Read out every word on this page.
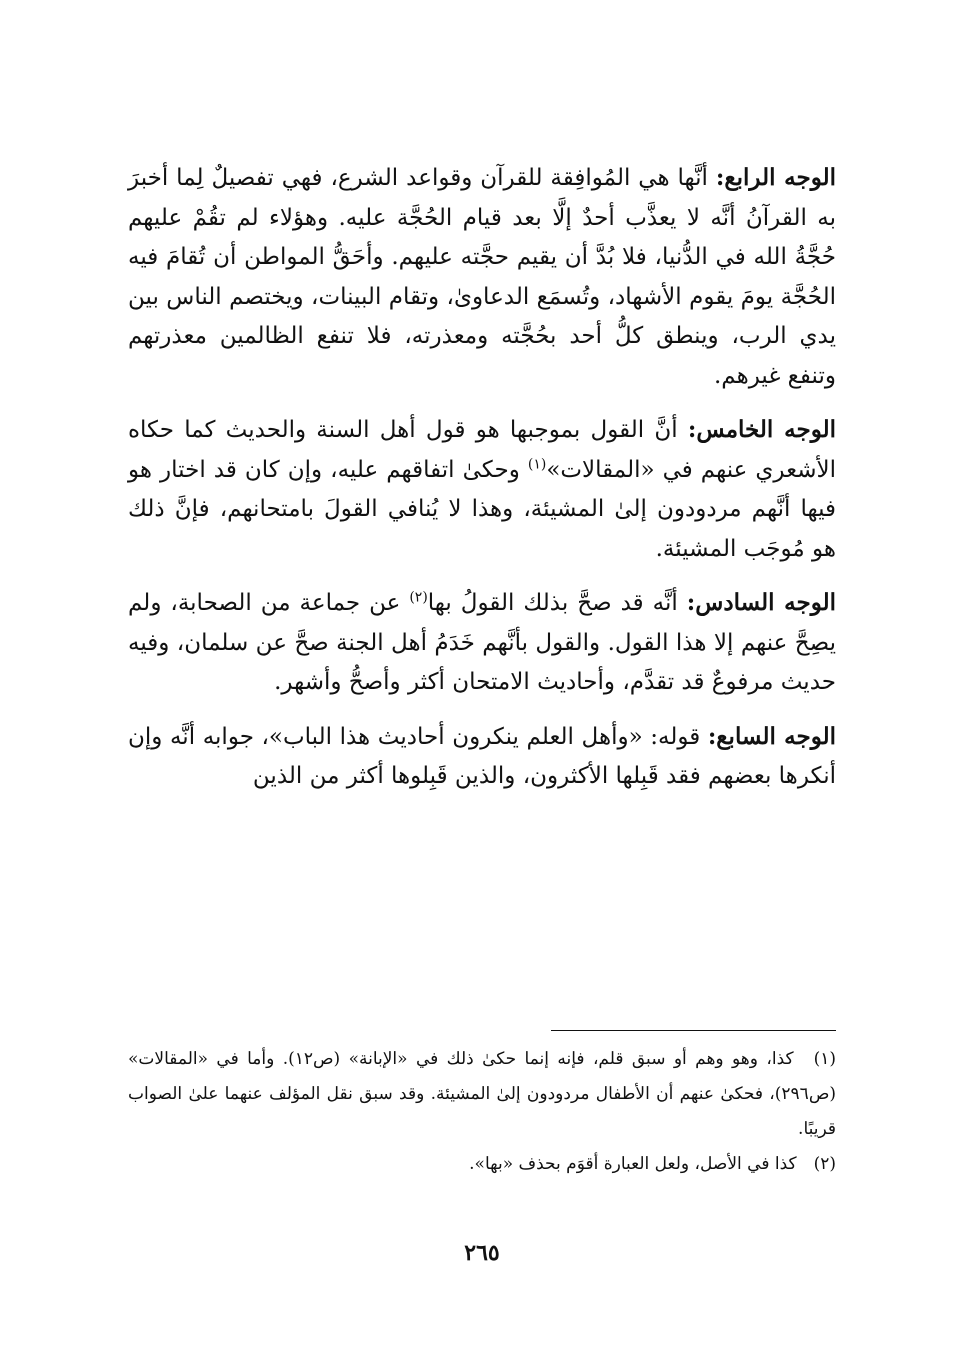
الوجه الرابع: أنَّها هي المُوافِقة للقرآن وقواعد الشرع، فهي تفصيلٌ لِما أخبرَ به القرآنُ أنَّه لا يعذَّب أحدٌ إلَّا بعد قيام الحُجَّة عليه. وهؤلاء لم تقُمْ عليهم حُجَّةُ الله في الدُّنيا، فلا بُدَّ أن يقيم حجَّته عليهم. وأحَقُّ المواطن أن تُقامَ فيه الحُجَّة يومَ يقوم الأشهاد، وتُسمَع الدعاوىٰ، وتقام البينات، ويختصم الناس بين يدي الرب، وينطق كلُّ أحد بحُجَّته ومعذرته، فلا تنفع الظالمين معذرتهم وتنفع غيرهم.

الوجه الخامس: أنَّ القول بموجبها هو قول أهل السنة والحديث كما حكاه الأشعري عنهم في «المقالات»$^{(١)}$ وحكىٰ اتفاقهم عليه، وإن كان قد اختار هو فيها أنَّهم مردودون إلىٰ المشيئة، وهذا لا يُنافي القولَ بامتحانهم، فإنَّ ذلك هو مُوجَب المشيئة.

الوجه السادس: أنَّه قد صحَّ بذلك القولُ بها$^{(٢)}$ عن جماعة من الصحابة، ولم يصِحَّ عنهم إلا هذا القول. والقول بأنَّهم خَدَمُ أهل الجنة صحَّ عن سلمان، وفيه حديث مرفوعٌ قد تقدَّم، وأحاديث الامتحان أكثر وأصحُّ وأشهر.

الوجه السابع: قوله: «وأهل العلم ينكرون أحاديث هذا الباب»، جوابه أنَّه وإن أنكرها بعضهم فقد قَبِلها الأكثرون، والذين قَبِلوها أكثر من الذين

(١) كذا، وهو وهم أو سبق قلم، فإنه إنما حكىٰ ذلك في «الإبانة» (ص١٢). وأما في «المقالات» (ص٢٩٦)، فحكىٰ عنهم أن الأطفال مردودون إلىٰ المشيئة. وقد سبق نقل المؤلف عنهما علىٰ الصواب قريبًا.

(٢) كذا في الأصل، ولعل العبارة أقوَم بحذف «بها».

٢٦٥
